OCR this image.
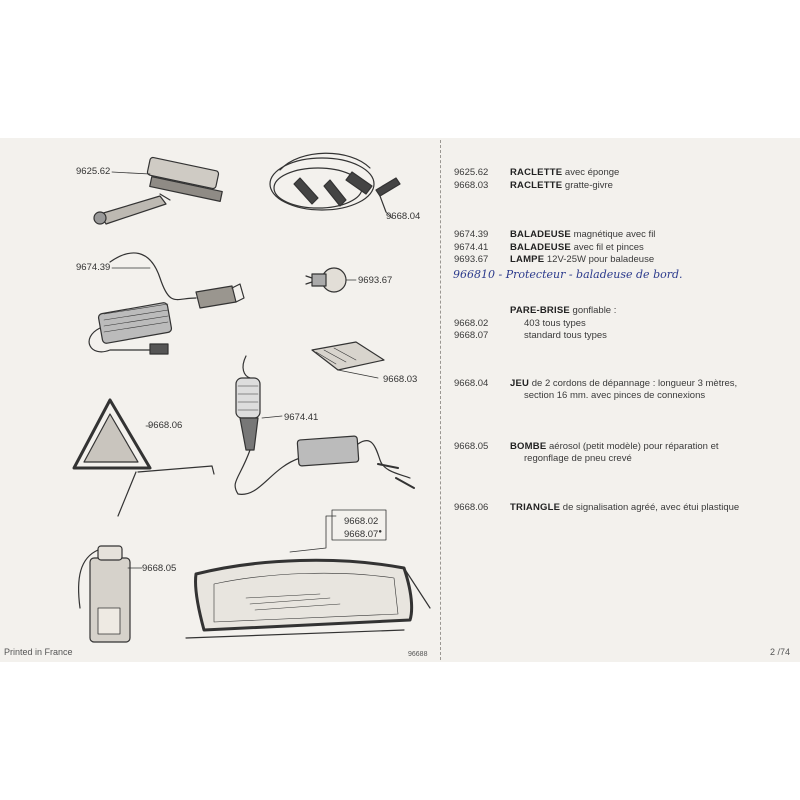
9625.62
9668.04
9674.39
9693.67
9668.03
9668.06
9674.41
9668.02
9668.07●
9668.05
Printed in France	96688
9625.62 RACLETTE avec éponge
9668.03 RACLETTE gratte-givre
9674.39 BALADEUSE magnétique avec fil
9674.41 BALADEUSE avec fil et pinces
9693.67 LAMPE 12V-25W pour baladeuse
966810 - Protecteur - baladeuse de bord.
PARE-BRISE gonflable :
9668.02	403 tous types
9668.07	standard tous types
9668.04 JEU de 2 cordons de dépannage : longueur 3 mètres,
section 16 mm. avec pinces de connexions
9668.05 BOMBE aérosol (petit modèle) pour réparation et
regonflage de pneu crevé
9668.06 TRIANGLE de signalisation agréé, avec étui plastique
2 /74
